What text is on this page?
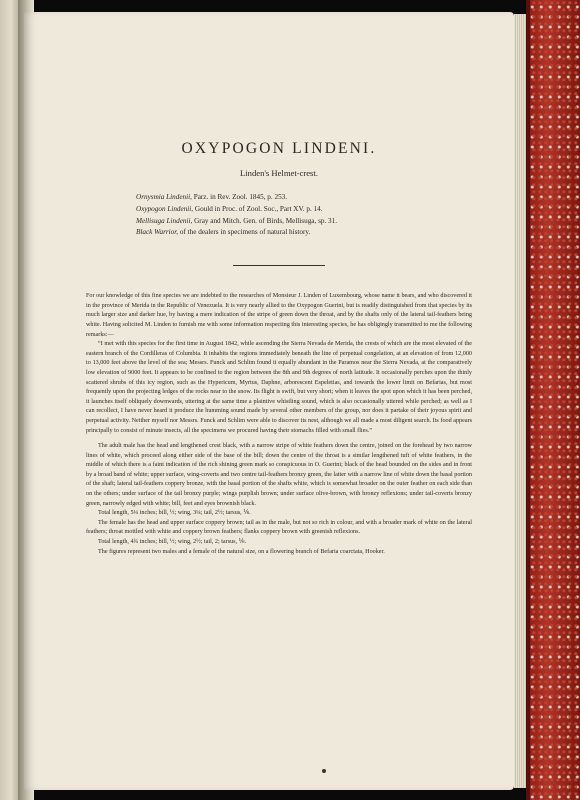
OXYPOGON LINDENI.
Linden's Helmet-crest.

Ornysmia Lindenii, Parz. in Rev. Zool. 1845, p. 253.

Oxypogon Lindenii, Gould in Proc. of Zool. Soc., Part XV. p. 14.

Mellisuga Lindenii, Gray and Mitch. Gen. of Birds, Mellisuga, sp. 31.

Black Warrior, of the dealers in specimens of natural history.

For our knowledge of this fine species we are indebted to the researches of Monsieur J. Linden of Luxembourg, whose name it bears, and who discovered it in the province of Merida in the Republic of Venezuela. It is very nearly allied to the Oxypogon Guerini, but is readily distinguished from that species by its much larger size and darker hue, by having a mere indication of the stripe of green down the throat, and by the shafts only of the lateral tail-feathers being white. Having solicited M. Linden to furnish me with some information respecting this interesting species, he has obligingly transmitted to me the following remarks:—

“I met with this species for the first time in August 1842, while ascending the Sierra Nevada de Merida, the crests of which are the most elevated of the eastern branch of the Cordilleras of Columbia. It inhabits the regions immediately beneath the line of perpetual congelation, at an elevation of from 12,000 to 13,000 feet above the level of the sea; Messrs. Funck and Schlim found it equally abundant in the Paramos near the Sierra Nevada, at the comparatively low elevation of 9000 feet. It appears to be confined to the region between the 8th and 9th degrees of north latitude. It occasionally perches upon the thinly scattered shrubs of this icy region, such as the Hypericum, Myrtus, Daphne, arborescent Espeletias, and towards the lower limit on Befarias, but most frequently upon the projecting ledges of the rocks near to the snow. Its flight is swift, but very short; when it leaves the spot upon which it has been perched, it launches itself obliquely downwards, uttering at the same time a plaintive whistling sound, which is also occasionally uttered while perched; as well as I can recollect, I have never heard it produce the humming sound made by several other members of the group, nor does it partake of their joyous spirit and perpetual activity. Neither myself nor Messrs. Funck and Schlim were able to discover its nest, although we all made a most diligent search. Its food appears principally to consist of minute insects, all the specimens we procured having their stomachs filled with small flies.”

The adult male has the head and lengthened crest black, with a narrow stripe of white feathers down the centre, joined on the forehead by two narrow lines of white, which proceed along either side of the base of the bill; down the centre of the throat is a similar lengthened tuft of white feathers, in the middle of which there is a faint indication of the rich shining green mark so conspicuous in O. Guerini; black of the head bounded on the sides and in front by a broad band of white; upper surface, wing-coverts and two centre tail-feathers bronzy green, the latter with a narrow line of white down the basal portion of the shaft; lateral tail-feathers coppery bronze, with the basal portion of the shafts white, which is somewhat broader on the outer feather on each side than on the others; under surface of the tail bronzy purple; wings purplish brown; under surface olive-brown, with bronzy reflexions; under tail-coverts bronzy green, narrowly edged with white; bill, feet and eyes brownish black.

Total length, 5¼ inches; bill, ½; wing, 3¼; tail, 2½; tarsus, ⅙.

The female has the head and upper surface coppery brown; tail as in the male, but not so rich in colour, and with a broader mark of white on the lateral feathers; throat mottled with white and coppery brown feathers; flanks coppery brown with greenish reflexions.

Total length, 4¾ inches; bill, ½; wing, 2½; tail, 2; tarsus, ⅙.

The figures represent two males and a female of the natural size, on a flowering branch of Befaria coarctata, Hooker.
